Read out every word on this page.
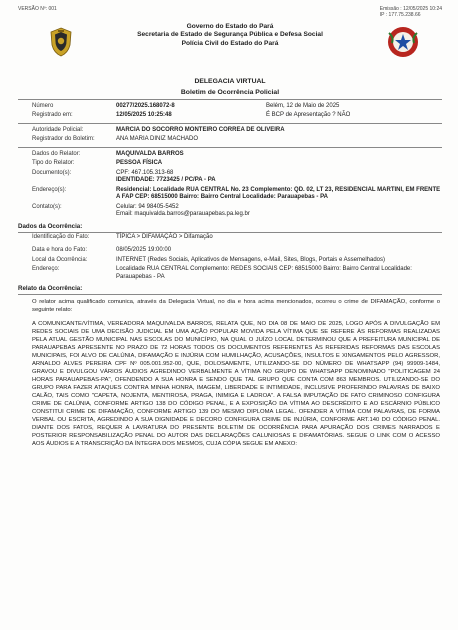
VERSÃO Nº: 001	Emissão : 12/05/2025 10:24
IP : 177.75.238.66
Governo do Estado do Pará
Secretaria de Estado de Segurança Pública e Defesa Social
Polícia Civil do Estado do Pará
DELEGACIA VIRTUAL
Boletim de Ocorrência Policial
Número	00277/2025.168072-8	Belém, 12 de Maio de 2025
Registrado em:	12/05/2025 10:25:48	É BCP de Apresentação ? NÃO
Autoridade Policial:	MARCIA DO SOCORRO MONTEIRO CORREA DE OLIVEIRA
Registrador do Boletim:	ANA MARIA DINIZ MACHADO
Dados do Relator:	MAQUIVALDA BARROS
Tipo do Relator:	PESSOA FÍSICA
Documento(s):	CPF: 467.105.313-68
IDENTIDADE: 7723425 / PC/PA - PA

Endereço(s):	Residencial: Localidade RUA CENTRAL No. 23 Complemento: QD. 02, LT 23, RESIDENCIAL MARTINI, EM FRENTE A FAP CEP: 68515000 Bairro: Bairro Central Localidade: Parauapebas - PA
Contato(s):	Celular: 94 98405-5452
Email: maquivalda.barros@parauapebas.pa.leg.br
Dados da Ocorrência:
Identificação do Fato:	TÍPICA > DIFAMAÇÃO > Difamação

Data e hora do Fato:	08/05/2025 19:00:00
Local da Ocorrência:	INTERNET (Redes Sociais, Aplicativos de Mensagens, e-Mail, Sites, Blogs, Portais e Assemelhados)
Endereço:	Localidade RUA CENTRAL Complemento: REDES SOCIAIS CEP: 68515000 Bairro: Bairro Central Localidade: Parauapebas - PA
Relato da Ocorrência:

O relator acima qualificado comunica, através da Delegacia Virtual, no dia e hora acima mencionados, ocorreu o crime de DIFAMAÇÃO, conforme o seguinte relato:

A COMUNICANTE/VÍTIMA, VEREADORA MAQUIVALDA BARROS, RELATA QUE, NO DIA 08 DE MAIO DE 2025, LOGO APÓS A DIVULGAÇÃO EM REDES SOCIAIS DE UMA DECISÃO JUDICIAL EM UMA AÇÃO POPULAR MOVIDA PELA VÍTIMA QUE SE REFERE ÀS REFORMAS REALIZADAS PELA ATUAL GESTÃO MUNICIPAL NAS ESCOLAS DO MUNICÍPIO, NA QUAL O JUÍZO LOCAL DETERMINOU QUE A PREFEITURA MUNICIPAL DE PARAUAPEBAS APRESENTE NO PRAZO DE 72 HORAS TODOS OS DOCUMENTOS REFERENTES ÀS REFERIDAS REFORMAS DAS ESCOLAS MUNICIPAIS, FOI ALVO DE CALÚNIA, DIFAMAÇÃO E INJÚRIA COM HUMILHAÇÃO, ACUSAÇÕES, INSULTOS E XINGAMENTOS PELO AGRESSOR, ARNALDO ALVES PEREIRA CPF Nº 005.001.952-00, QUE, DOLOSAMENTE, UTILIZANDO-SE DO NÚMERO DE WHATSAPP (94) 99909-1484, GRAVOU E DIVULGOU VÁRIOS ÁUDIOS AGREDINDO VERBALMENTE A VÍTIMA NO GRUPO DE WHATSAPP DENOMINADO "POLITICAGEM 24 HORAS PARAUAPEBAS-PA", OFENDENDO A SUA HONRA E SENDO QUE TAL GRUPO QUE CONTA COM 863 MEMBROS. UTILIZANDO-SE DO GRUPO PARA FAZER ATAQUES CONTRA MINHA HONRA, IMAGEM, LIBERDADE E INTIMIDADE, INCLUSIVE PROFERINDO PALAVRAS DE BAIXO CALÃO, TAIS COMO "CAPETA, NOJENTA, MENTIROSA, PRAGA, INIMIGA E LADROA". A FALSA IMPUTAÇÃO DE FATO CRIMINOSO CONFIGURA CRIME DE CALÚNIA, CONFORME ARTIGO 138 DO CÓDIGO PENAL, E A EXPOSIÇÃO DA VÍTIMA AO DESCRÉDITO E AO ESCÁRNIO PÚBLICO CONSTITUI CRIME DE DIFAMAÇÃO, CONFORME ARTIGO 139 DO MESMO DIPLOMA LEGAL. OFENDER A VÍTIMA COM PALAVRAS, DE FORMA VERBAL OU ESCRITA, AGREDINDO A SUA DIGNIDADE E DECORO CONFIGURA CRIME DE INJÚRIA, CONFORME ART.140 DO CÓDIGO PENAL. DIANTE DOS FATOS, REQUER A LAVRATURA DO PRESENTE BOLETIM DE OCORRÊNCIA PARA APURAÇÃO DOS CRIMES NARRADOS E POSTERIOR RESPONSABILIZAÇÃO PENAL DO AUTOR DAS DECLARAÇÕES CALUNIOSAS E DIFAMATÓRIAS. SEGUE O LINK COM O ACESSO AOS ÁUDIOS E A TRANSCRIÇÃO DA ÍNTEGRA DOS MESMOS, CUJA CÓPIA SEGUE EM ANEXO:
